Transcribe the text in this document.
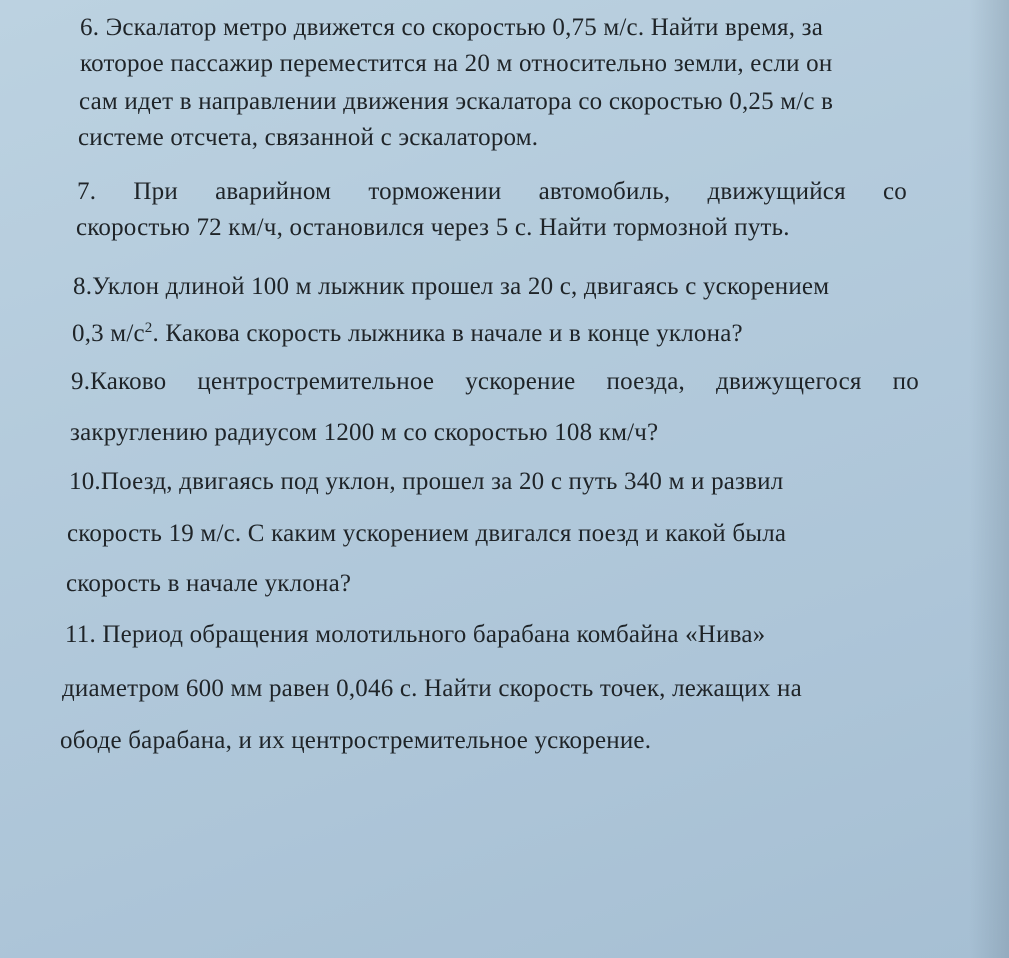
6. Эскалатор метро движется со скоростью 0,75 м/с. Найти время, за
которое пассажир переместится на 20 м относительно земли, если он
сам идет в направлении движения эскалатора со скоростью 0,25 м/с в
системе отсчета, связанной с эскалатором.
7. При аварийном торможении автомобиль, движущийся со
скоростью 72 км/ч, остановился через 5 с. Найти тормозной путь.
8.Уклон длиной 100 м лыжник прошел за 20 с, двигаясь с ускорением
0,3 $м/с^2$. Какова скорость лыжника в начале и в конце уклона?
9.Каково центростремительное ускорение поезда, движущегося по
закруглению радиусом 1200 м со скоростью 108 км/ч?
10.Поезд, двигаясь под уклон, прошел за 20 с путь 340 м и развил
скорость 19 м/с. С каким ускорением двигался поезд и какой была
скорость в начале уклона?
11. Период обращения молотильного барабана комбайна «Нива»
диаметром 600 мм равен 0,046 с. Найти скорость точек, лежащих на
ободе барабана, и их центростремительное ускорение.
